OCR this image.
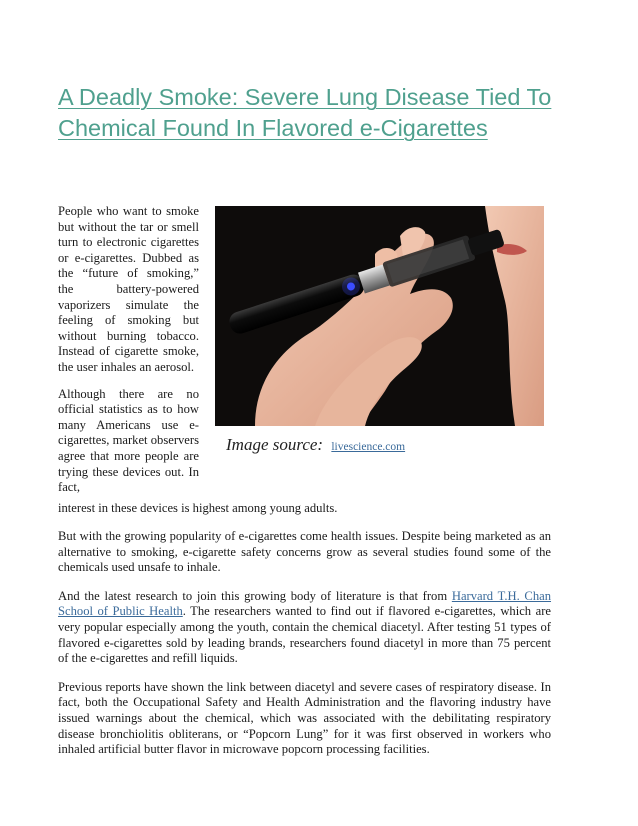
A Deadly Smoke: Severe Lung Disease Tied To Chemical Found In Flavored e-Cigarettes

People who want to smoke but without the tar or smell turn to electronic cigarettes or e-cigarettes. Dubbed as the “future of smoking,” the battery-powered vaporizers simulate the feeling of smoking but without burning tobacco. Instead of cigarette smoke, the user inhales an aerosol.

Although there are no official statistics as to how many Americans use e-cigarettes, market observers agree that more people are trying these devices out. In fact,

Image source: livescience.com
interest in these devices is highest among young adults.

But with the growing popularity of e-cigarettes come health issues. Despite being marketed as an alternative to smoking, e-cigarette safety concerns grow as several studies found some of the chemicals used unsafe to inhale.

And the latest research to join this growing body of literature is that from Harvard T.H. Chan School of Public Health. The researchers wanted to find out if flavored e-cigarettes, which are very popular especially among the youth, contain the chemical diacetyl. After testing 51 types of flavored e-cigarettes sold by leading brands, researchers found diacetyl in more than 75 percent of the e-cigarettes and refill liquids.

Previous reports have shown the link between diacetyl and severe cases of respiratory disease. In fact, both the Occupational Safety and Health Administration and the flavoring industry have issued warnings about the chemical, which was associated with the debilitating respiratory disease bronchiolitis obliterans, or “Popcorn Lung” for it was first observed in workers who inhaled artificial butter flavor in microwave popcorn processing facilities.
